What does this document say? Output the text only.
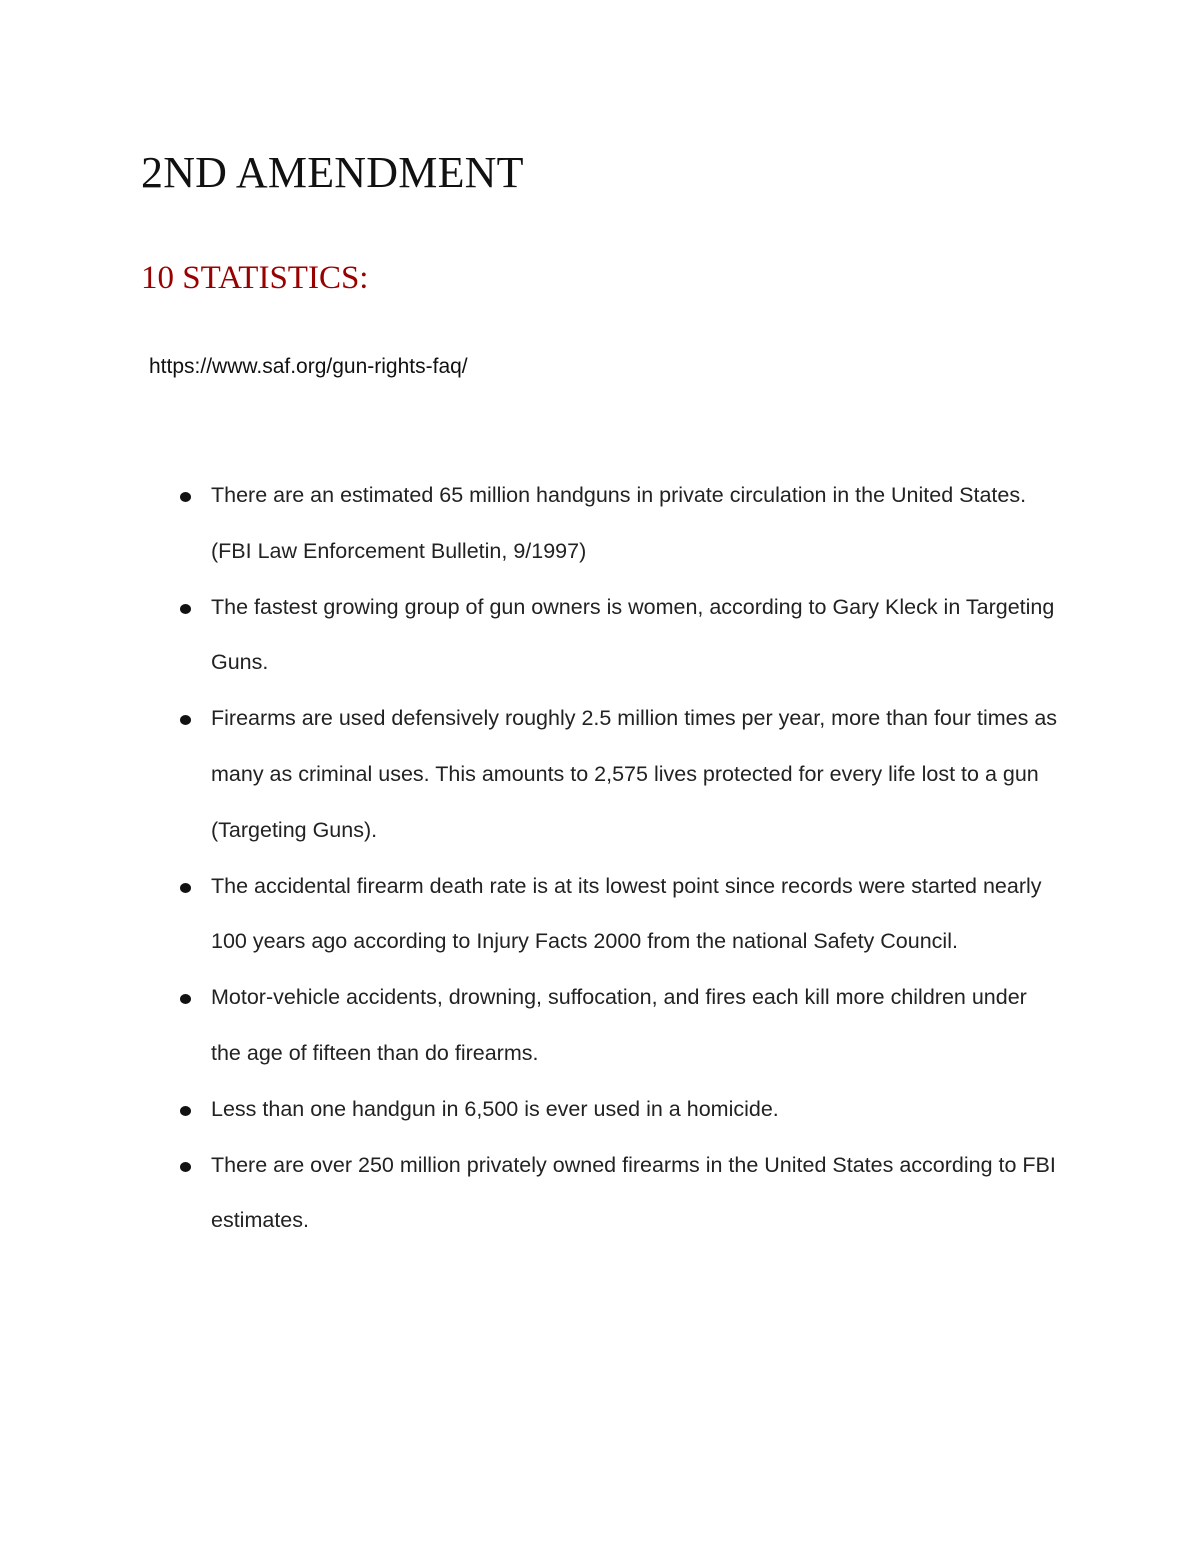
2ND AMENDMENT
10 STATISTICS:
https://www.saf.org/gun-rights-faq/
There are an estimated 65 million handguns in private circulation in the United States. (FBI Law Enforcement Bulletin, 9/1997)
The fastest growing group of gun owners is women, according to Gary Kleck in Targeting Guns.
Firearms are used defensively roughly 2.5 million times per year, more than four times as many as criminal uses. This amounts to 2,575 lives protected for every life lost to a gun (Targeting Guns).
The accidental firearm death rate is at its lowest point since records were started nearly 100 years ago according to Injury Facts 2000 from the national Safety Council.
Motor-vehicle accidents, drowning, suffocation, and fires each kill more children under the age of fifteen than do firearms.
Less than one handgun in 6,500 is ever used in a homicide.
There are over 250 million privately owned firearms in the United States according to FBI estimates.
